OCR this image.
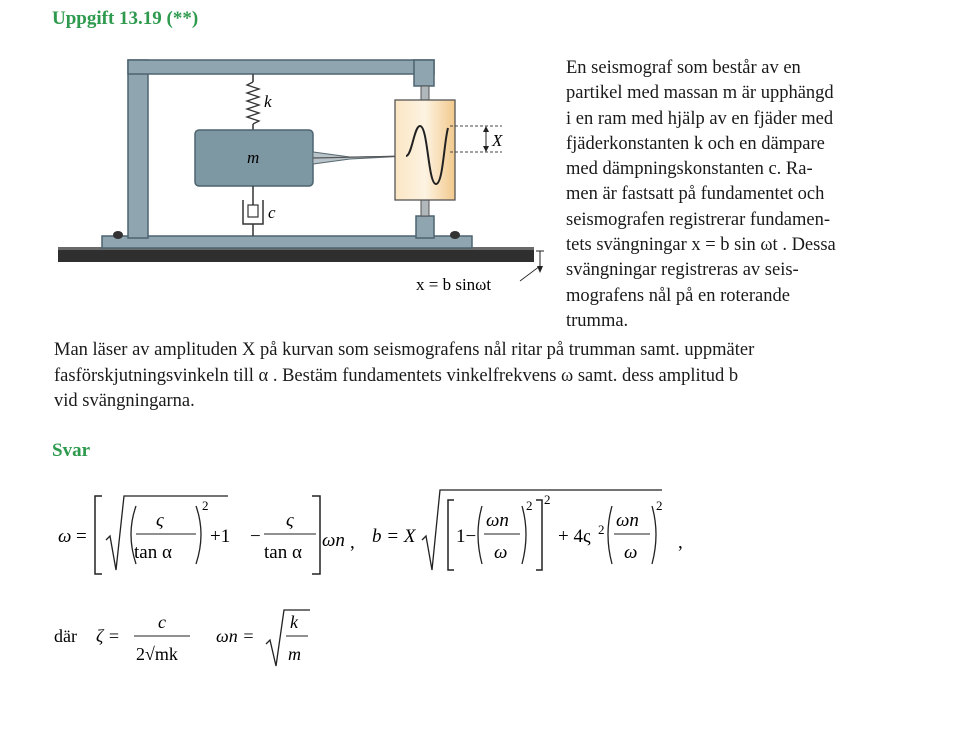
Uppgift 13.19 (**)
k
m
c
X
x = b sinωt
En seismograf som består av en
partikel med massan m är upphängd
i en ram med hjälp av en fjäder med
fjäderkonstanten k och en dämpare
med dämpningskonstanten c. Ra-
men är fastsatt på fundamentet och
seismografen registrerar fundamen-
tets svängningar x = b sin ωt . Dessa
svängningar registreras av seis-
mografens nål på en roterande
trumma.
Man läser av amplituden X på kurvan som seismografens nål ritar på trumman samt. uppmäter
fasförskjutningsvinkeln till α . Bestäm fundamentets vinkelfrekvens ω samt. dess amplitud b
vid svängningarna.
Svar
ω =
ς
tan α
2
+1 −
ς
tan α
ωn , b = X 1−
ωn
ω
2 2
+ 4ς 2 ωn
ω
2
,
där ζ =
c
2√mk
ωn =
k
m
